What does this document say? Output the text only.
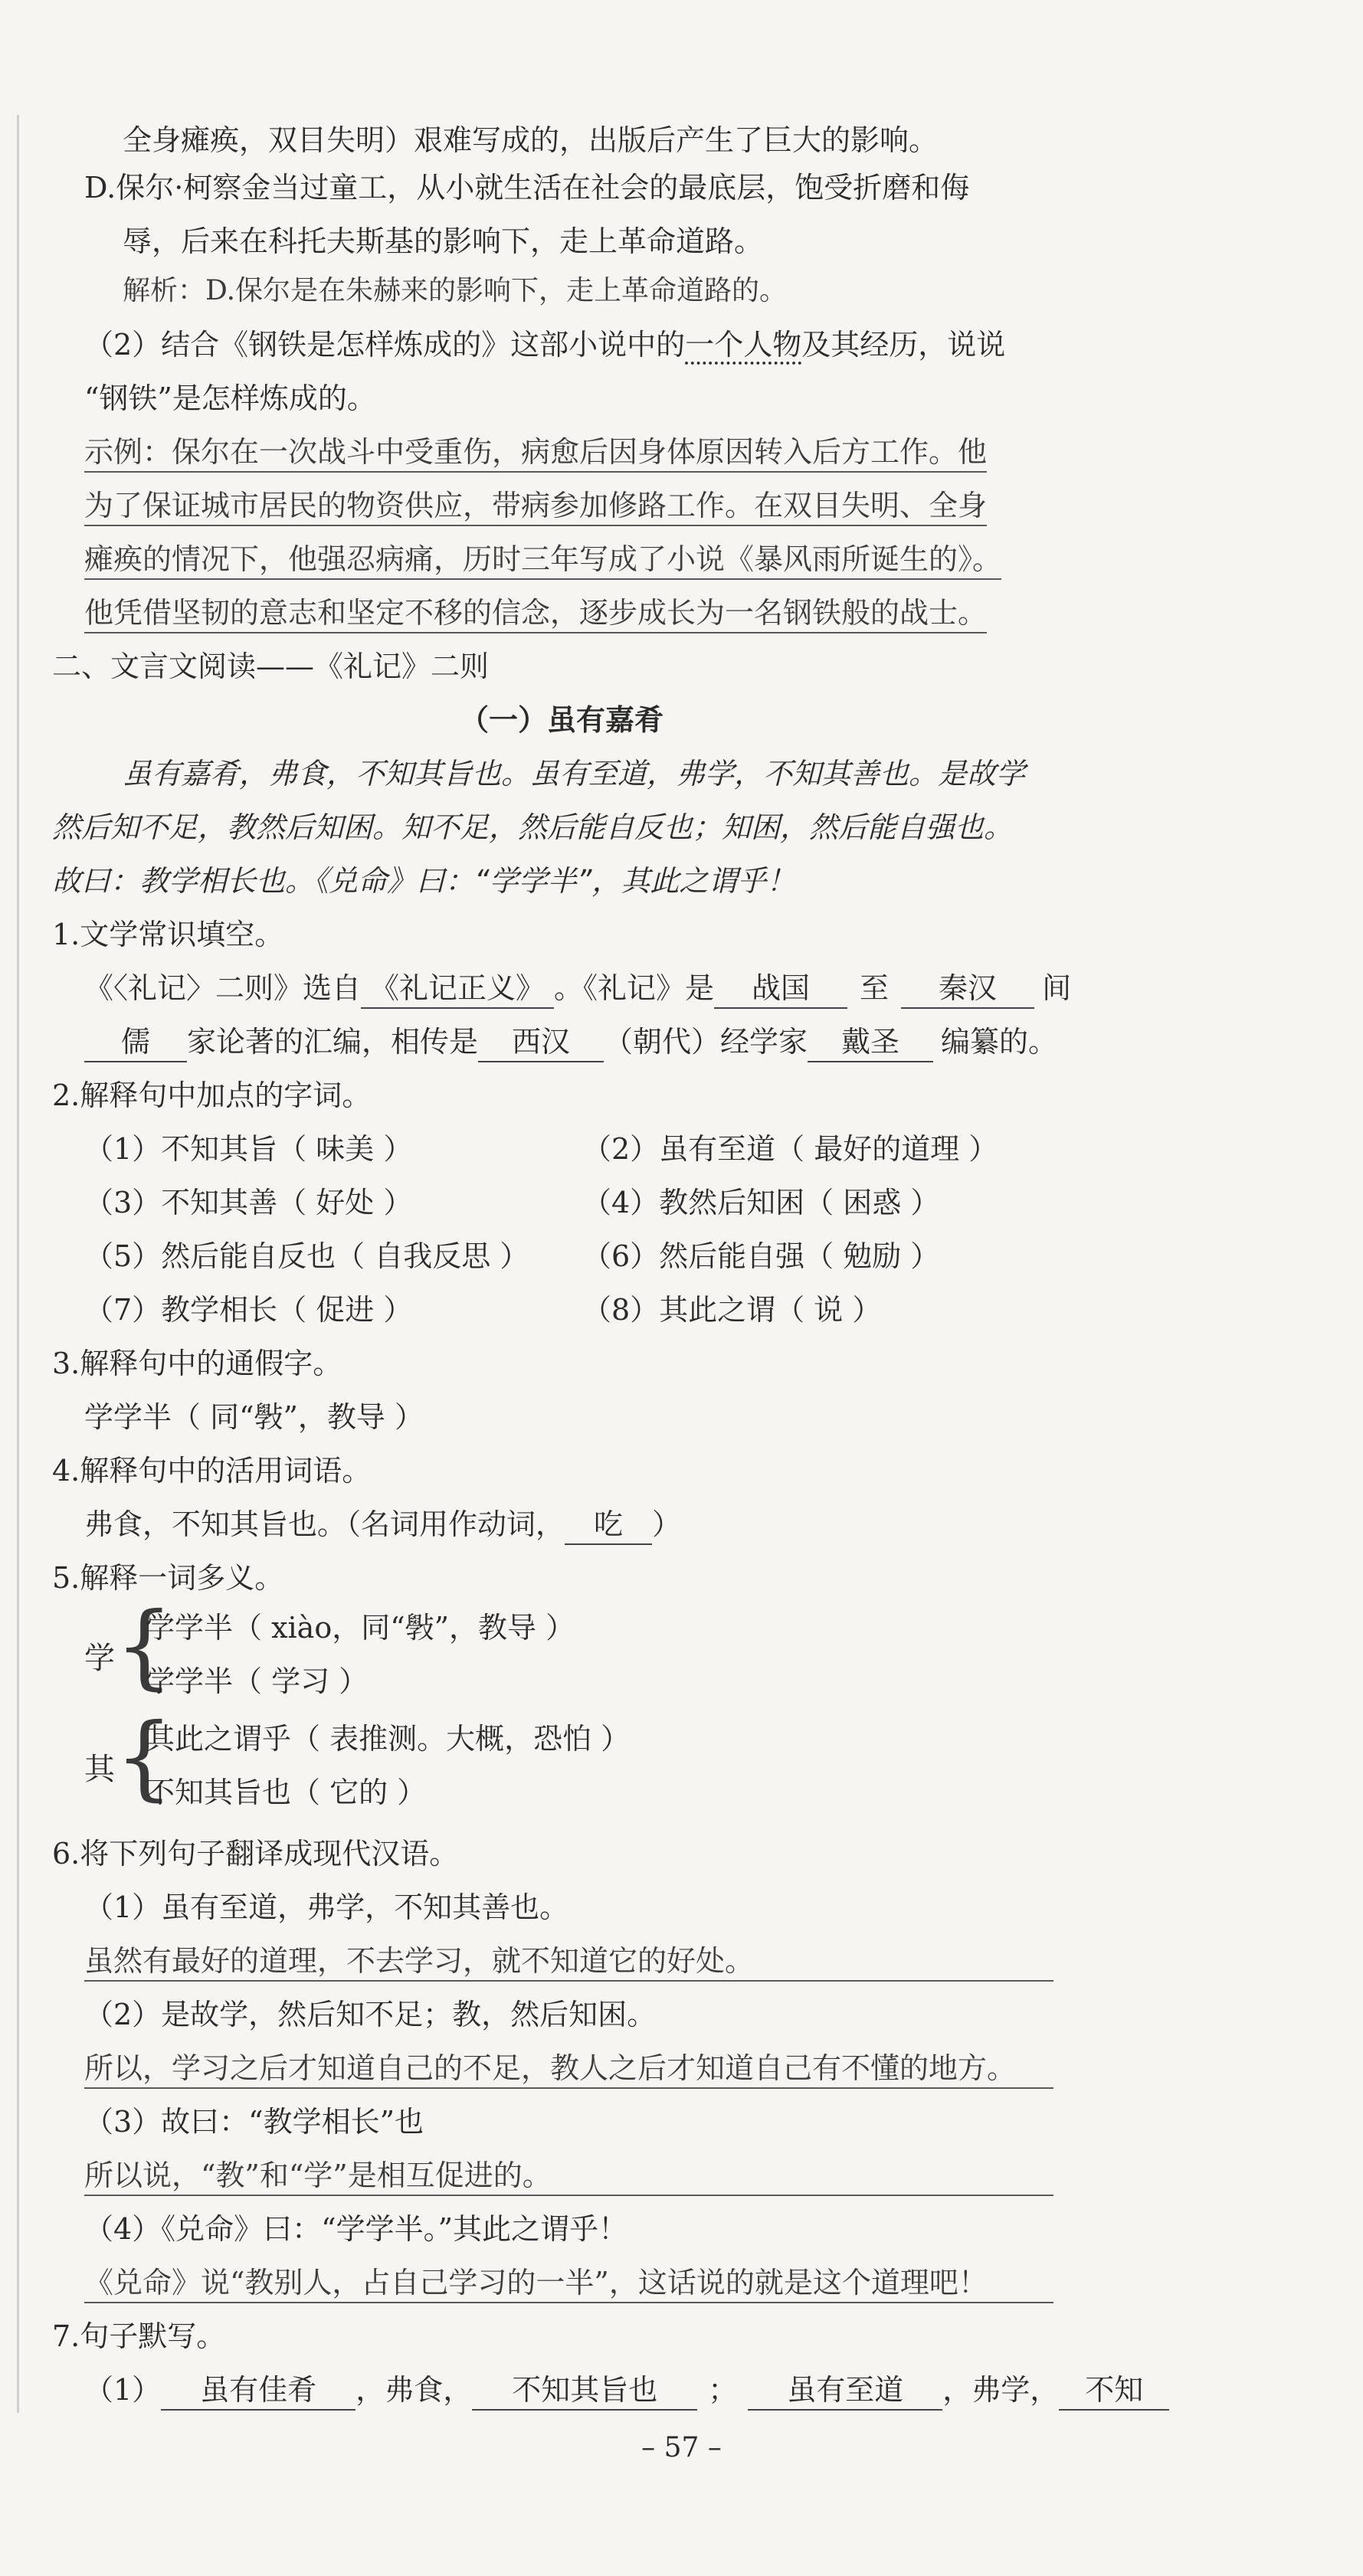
全身瘫痪，双目失明）艰难写成的，出版后产生了巨大的影响。
D.保尔·柯察金当过童工，从小就生活在社会的最底层，饱受折磨和侮
辱，后来在科托夫斯基的影响下，走上革命道路。
解析：D.保尔是在朱赫来的影响下，走上革命道路的。
（2）结合《钢铁是怎样炼成的》这部小说中的一个人物及其经历，说说
“钢铁”是怎样炼成的。
示例：保尔在一次战斗中受重伤，病愈后因身体原因转入后方工作。他
为了保证城市居民的物资供应，带病参加修路工作。在双目失明、全身
瘫痪的情况下，他强忍病痛，历时三年写成了小说《暴风雨所诞生的》。
他凭借坚韧的意志和坚定不移的信念，逐步成长为一名钢铁般的战士。
二、文言文阅读——《礼记》二则
（一）虽有嘉肴
虽有嘉肴，弗食，不知其旨也。虽有至道，弗学，不知其善也。是故学
然后知不足，教然后知困。知不足，然后能自反也；知困，然后能自强也。
故曰：教学相长也。《兑命》曰：“学学半”，其此之谓乎！
1.文学常识填空。
《〈礼记〉二则》选自 《礼记正义》 。《礼记》是 战国 至 秦汉 间
儒 家论著的汇编，相传是 西汉 （朝代）经学家 戴圣 编纂的。
2.解释句中加点的字词。
（1）不知其旨（ 味美 ）	（2）虽有至道（ 最好的道理 ）
（3）不知其善（ 好处 ）	（4）教然后知困（ 困惑 ）
（5）然后能自反也（ 自我反思 ） （6）然后能自强（ 勉励 ）
（7）教学相长（ 促进 ）	（8）其此之谓（ 说 ）
3.解释句中的通假字。
学学半（ 同“斅”，教导 ）
4.解释句中的活用词语。
弗食，不知其旨也。（名词用作动词， 吃 ）
5.解释一词多义。
学 {
学学半（ xiào，同“斅”，教导 ）
学学半（ 学习 ）
其 {
其此之谓乎（ 表推测。大概，恐怕 ）
不知其旨也（ 它的 ）
6.将下列句子翻译成现代汉语。
（1）虽有至道，弗学，不知其善也。
虽然有最好的道理，不去学习，就不知道它的好处。
（2）是故学，然后知不足；教，然后知困。
所以，学习之后才知道自己的不足，教人之后才知道自己有不懂的地方。
（3）故曰：“教学相长”也
所以说，“教”和“学”是相互促进的。
（4）《兑命》曰：“学学半。”其此之谓乎！
《兑命》说“教别人，占自己学习的一半”，这话说的就是这个道理吧！
7.句子默写。
（1） 虽有佳肴 ，弗食， 不知其旨也 ； 虽有至道 ，弗学， 不知
– 57 –
